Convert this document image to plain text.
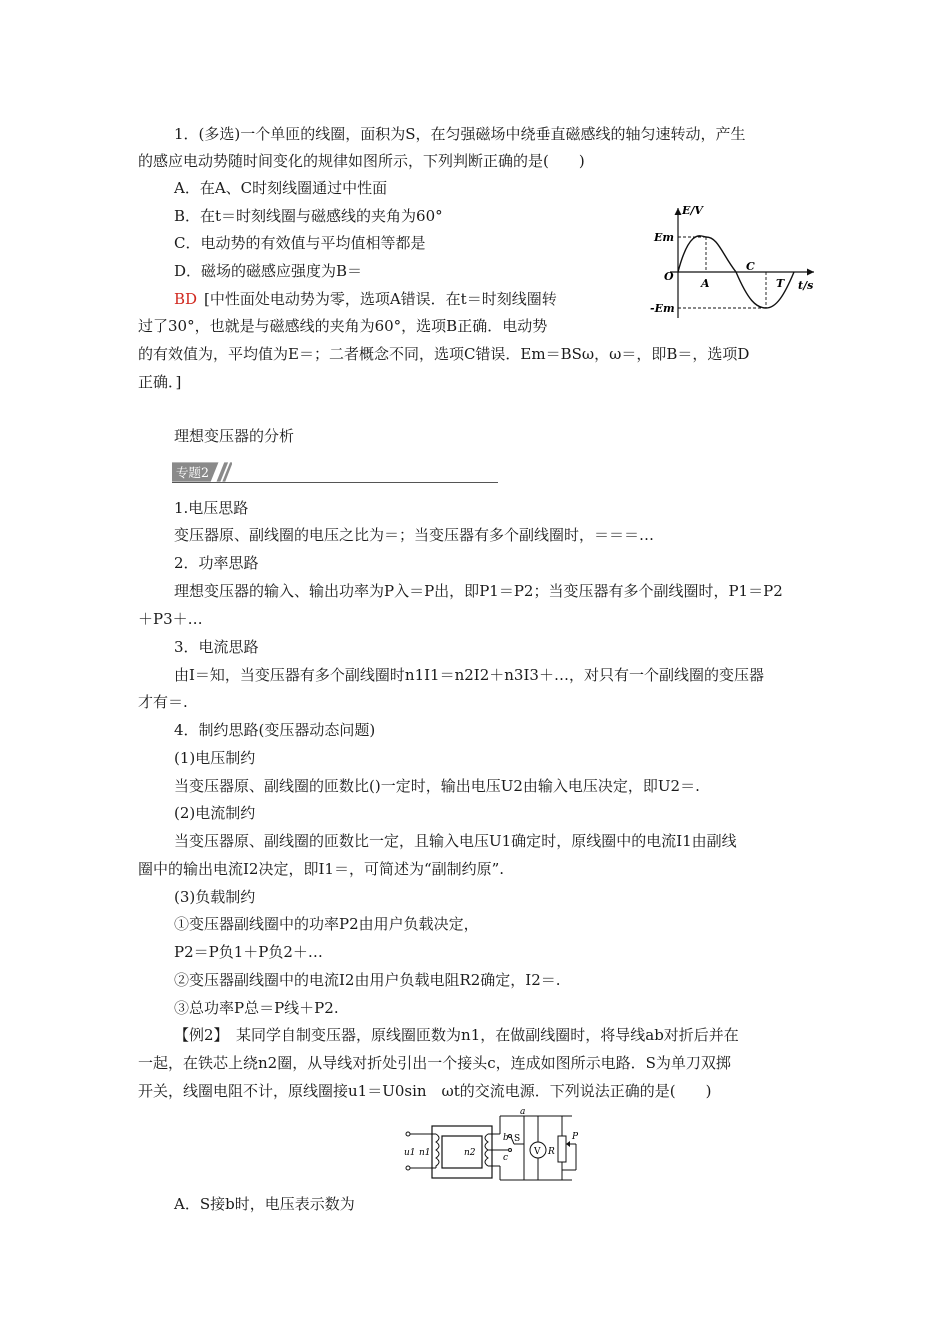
1．(多选)一个单匝的线圈，面积为S，在匀强磁场中绕垂直磁感线的轴匀速转动，产生
的感应电动势随时间变化的规律如图所示，下列判断正确的是(　　)
A．在A、C时刻线圈通过中性面
B．在t＝时刻线圈与磁感线的夹角为60°
C．电动势的有效值与平均值相等都是
D．磁场的磁感应强度为B＝
BD [中性面处电动势为零，选项A错误．在t＝时刻线圈转
过了30°，也就是与磁感线的夹角为60°，选项B正确．电动势
的有效值为，平均值为E＝；二者概念不同，选项C错误．Em＝BSω，ω＝，即B＝，选项D
正确．]
E/V
t/s
Em
-Em
O
A
C
T
理想变压器的分析
专题2
1.电压思路
变压器原、副线圈的电压之比为＝；当变压器有多个副线圈时，＝＝＝…
2．功率思路
理想变压器的输入、输出功率为P入＝P出，即P1＝P2；当变压器有多个副线圈时，P1＝P2
＋P3＋…
3．电流思路
由I＝知，当变压器有多个副线圈时n1I1＝n2I2＋n3I3＋…，对只有一个副线圈的变压器
才有＝.
4．制约思路(变压器动态问题)
(1)电压制约
当变压器原、副线圈的匝数比()一定时，输出电压U2由输入电压决定，即U2＝.
(2)电流制约
当变压器原、副线圈的匝数比一定，且输入电压U1确定时，原线圈中的电流I1由副线
圈中的输出电流I2决定，即I1＝，可简述为“副制约原”.
(3)负载制约
①变压器副线圈中的功率P2由用户负载决定，
P2＝P负1＋P负2＋…
②变压器副线圈中的电流I2由用户负载电阻R2确定，I2＝.
③总功率P总＝P线＋P2.
【例2】　某同学自制变压器，原线圈匝数为n1，在做副线圈时，将导线ab对折后并在
一起，在铁芯上绕n2圈，从导线对折处引出一个接头c，连成如图所示电路．S为单刀双掷
开关，线圈电阻不计，原线圈接u1＝U0sin　ωt的交流电源．下列说法正确的是(　　)
u1 n1	n2
a
b
c
S
V R
P
A．S接b时，电压表示数为
